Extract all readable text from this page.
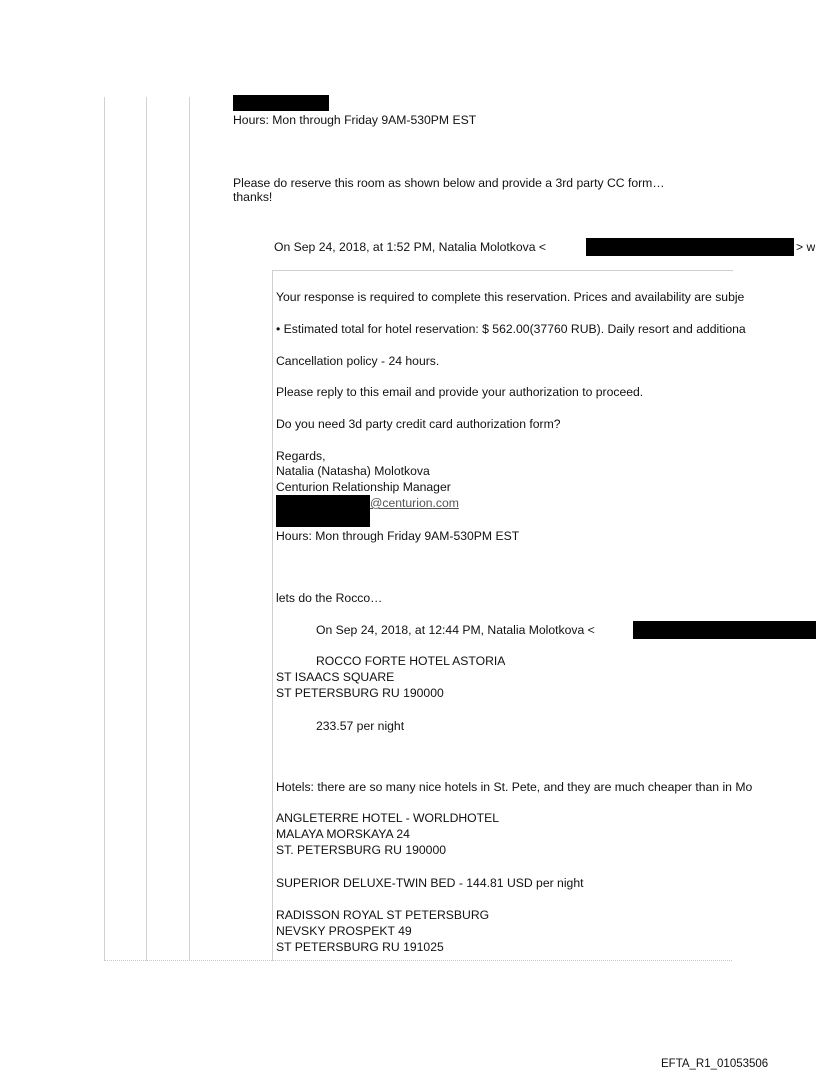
Hours: Mon through Friday 9AM-530PM EST
Please do reserve this room as shown below and provide a 3rd party CC form…
thanks!
On Sep 24, 2018, at 1:52 PM, Natalia Molotkova <	> w
Your response is required to complete this reservation. Prices and availability are subje
• Estimated total for hotel reservation: $ 562.00(37760 RUB). Daily resort and additiona
Cancellation policy - 24 hours.
Please reply to this email and provide your authorization to proceed.
Do you need 3d party credit card authorization form?
Regards,
Natalia (Natasha) Molotkova
Centurion Relationship Manager
@centurion.com
Hours: Mon through Friday 9AM-530PM EST
lets do the Rocco…
On Sep 24, 2018, at 12:44 PM, Natalia Molotkova <
ROCCO FORTE HOTEL ASTORIA
ST ISAACS SQUARE
ST PETERSBURG RU 190000
233.57 per night
Hotels: there are so many nice hotels in St. Pete, and they are much cheaper than in Mo
ANGLETERRE HOTEL - WORLDHOTEL
MALAYA MORSKAYA 24
ST. PETERSBURG RU 190000
SUPERIOR DELUXE-TWIN BED - 144.81 USD per night
RADISSON ROYAL ST PETERSBURG
NEVSKY PROSPEKT 49
ST PETERSBURG RU 191025
EFTA_R1_01053506
